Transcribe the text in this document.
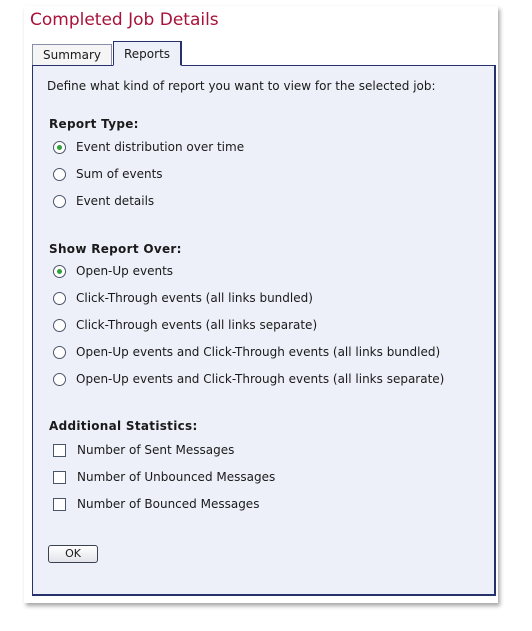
Completed Job Details
Summary	Reports
Define what kind of report you want to view for the selected job:
Report Type:
Event distribution over time
Sum of events
Event details
Show Report Over:
Open-Up events
Click-Through events (all links bundled)
Click-Through events (all links separate)
Open-Up events and Click-Through events (all links bundled)
Open-Up events and Click-Through events (all links separate)
Additional Statistics:
Number of Sent Messages
Number of Unbounced Messages
Number of Bounced Messages
OK
